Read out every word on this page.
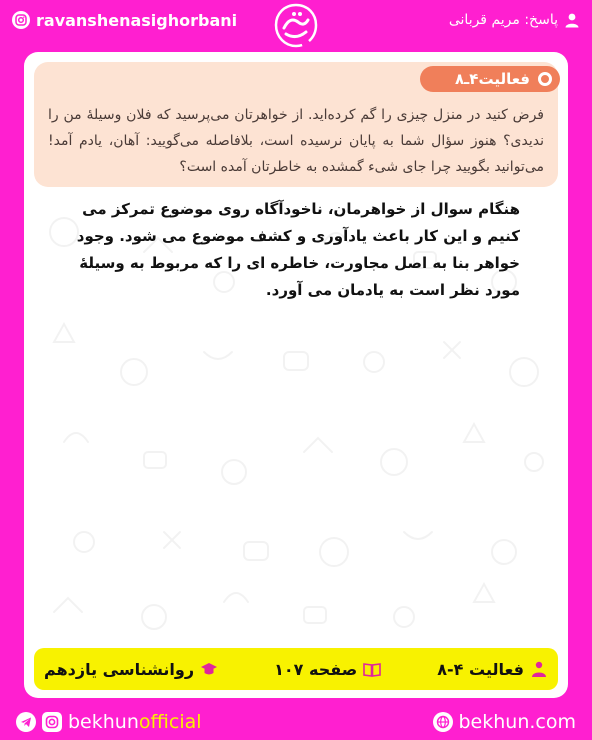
ravanshenasighorbani	پاسخ: مریم قربانی
فعالیت۴ـ۸

فرض کنید در منزل چیزی را گم کرده‌اید. از خواهرتان می‌پرسید که فلان وسیلهٔ من را ندیدی؟ هنوز سؤال شما به پایان نرسیده است، بلافاصله می‌گویید: آهان، یادم آمد! می‌توانید بگویید چرا جای شیء گمشده به خاطرتان آمده است؟

هنگام سوال از خواهرمان، ناخودآگاه روی موضوع تمرکز می کنیم و این کار باعث یادآوری و کشف موضوع می شود. وجود خواهر بنا به اصل مجاورت، خاطره ای را که مربوط به وسیلهٔ مورد نظر است به یادمان می آورد.

فعالیت ۴-۸
صفحه ۱۰۷
روانشناسی یازدهم
bekhunofficial	bekhun.com
